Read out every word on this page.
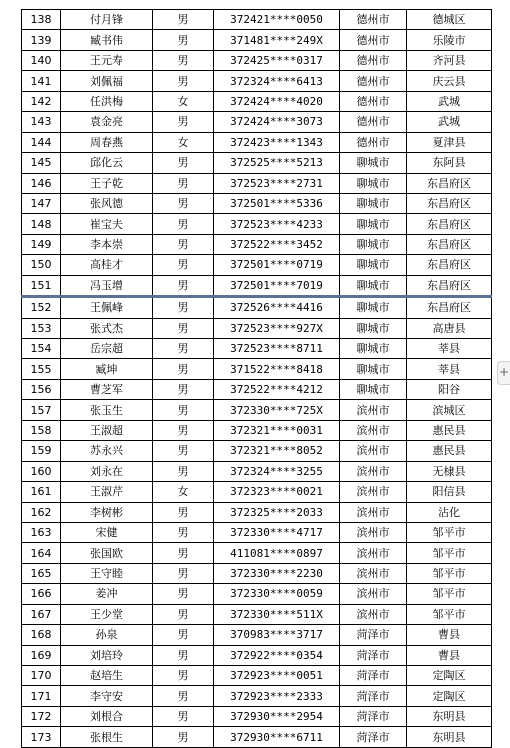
138	付月锋	男	372421****0050	德州市	德城区
139	臧书伟	男	371481****249X	德州市	乐陵市
140	王元寿	男	372425****0317	德州市	齐河县
141	刘佩福	男	372324****6413	德州市	庆云县
142	任洪梅	女	372424****4020	德州市	武城
143	袁金亮	男	372424****3073	德州市	武城
144	周春燕	女	372423****1343	德州市	夏津县
145	邱化云	男	372525****5213	聊城市	东阿县
146	王子乾	男	372523****2731	聊城市	东昌府区
147	张风德	男	372501****5336	聊城市	东昌府区
148	崔宝夫	男	372523****4233	聊城市	东昌府区
149	李本崇	男	372522****3452	聊城市	东昌府区
150	高桂才	男	372501****0719	聊城市	东昌府区
151	冯玉增	男	372501****7019	聊城市	东昌府区
152	王佩峰	男	372526****4416	聊城市	东昌府区
153	张式杰	男	372523****927X	聊城市	高唐县
154	岳宗超	男	372523****8711	聊城市	莘县
155	臧坤	男	371522****8418	聊城市	莘县
156	曹芝军	男	372522****4212	聊城市	阳谷
157	张玉生	男	372330****725X	滨州市	滨城区
158	王淑超	男	372321****0031	滨州市	惠民县
159	苏永兴	男	372321****8052	滨州市	惠民县
160	刘永在	男	372324****3255	滨州市	无棣县
161	王淑芹	女	372323****0021	滨州市	阳信县
162	李树彬	男	372325****2033	滨州市	沾化
163	宋健	男	372330****4717	滨州市	邹平市
164	张国欧	男	411081****0897	滨州市	邹平市
165	王守睦	男	372330****2230	滨州市	邹平市
166	姜冲	男	372330****0059	滨州市	邹平市
167	王少堂	男	372330****511X	滨州市	邹平市
168	孙泉	男	370983****3717	菏泽市	曹县
169	刘培玲	男	372922****0354	菏泽市	曹县
170	赵培生	男	372923****0051	菏泽市	定陶区
171	李守安	男	372923****2333	菏泽市	定陶区
172	刘根合	男	372930****2954	菏泽市	东明县
173	张根生	男	372930****6711	菏泽市	东明县
+
